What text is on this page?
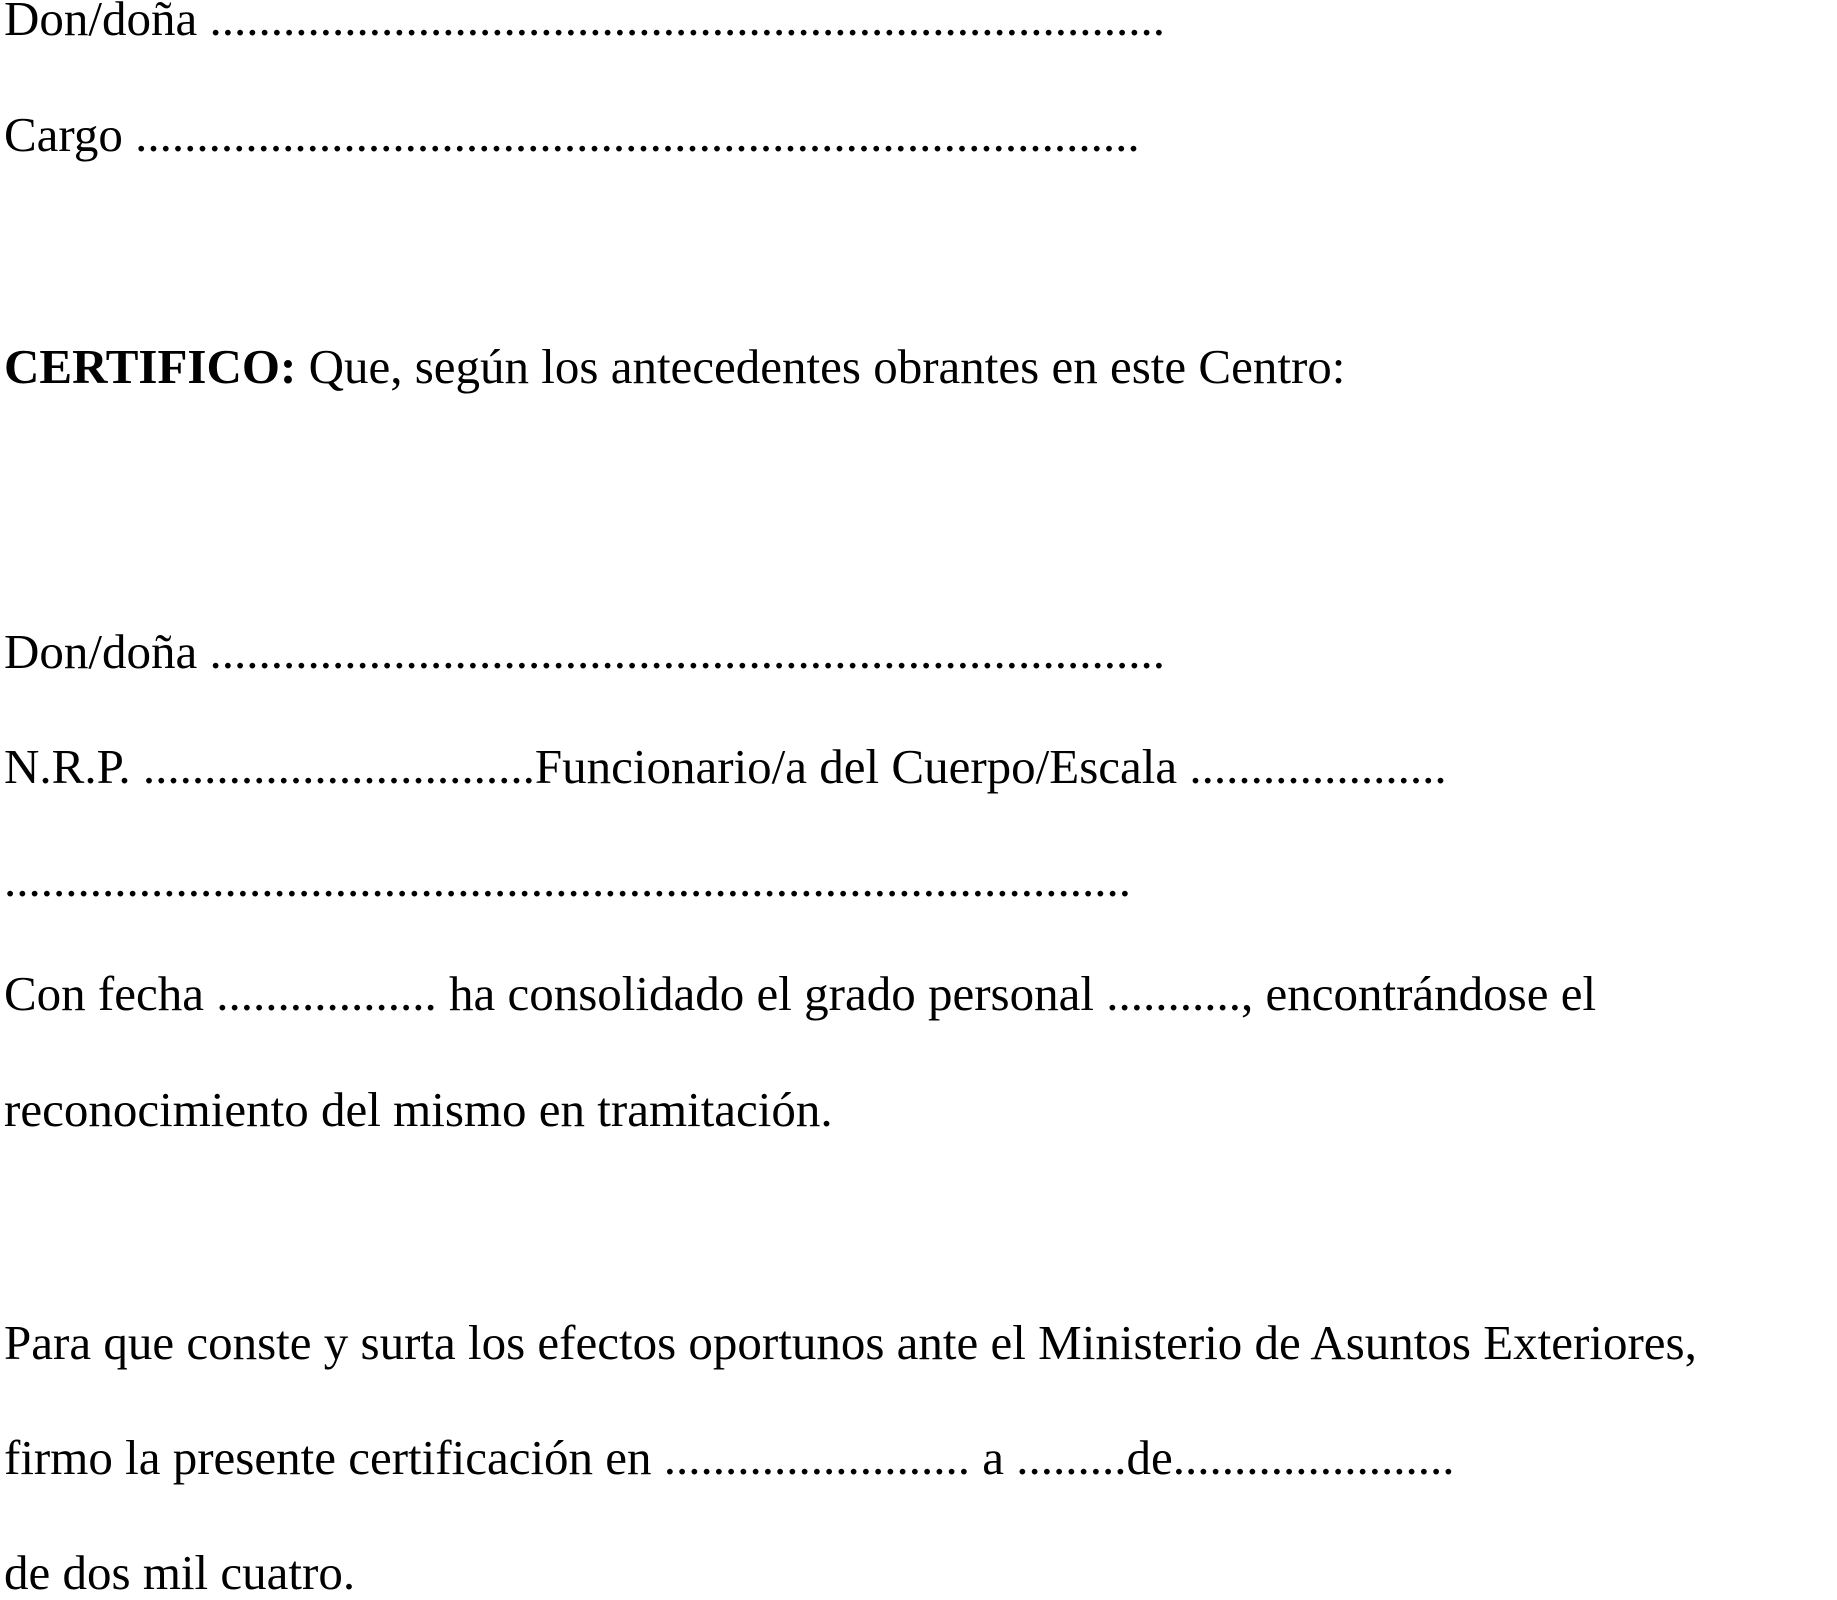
Don/doña ..............................................................................
Cargo ..................................................................................
CERTIFICO: Que, según los antecedentes obrantes en este Centro:
Don/doña ..............................................................................
N.R.P. ................................Funcionario/a del Cuerpo/Escala .....................
............................................................................................
Con fecha .................. ha consolidado el grado personal ..........., encontrándose el
reconocimiento del mismo en tramitación.
Para que conste y surta los efectos oportunos ante el Ministerio de Asuntos Exteriores,
firmo la presente certificación en ......................... a .........de.......................
de dos mil cuatro.
